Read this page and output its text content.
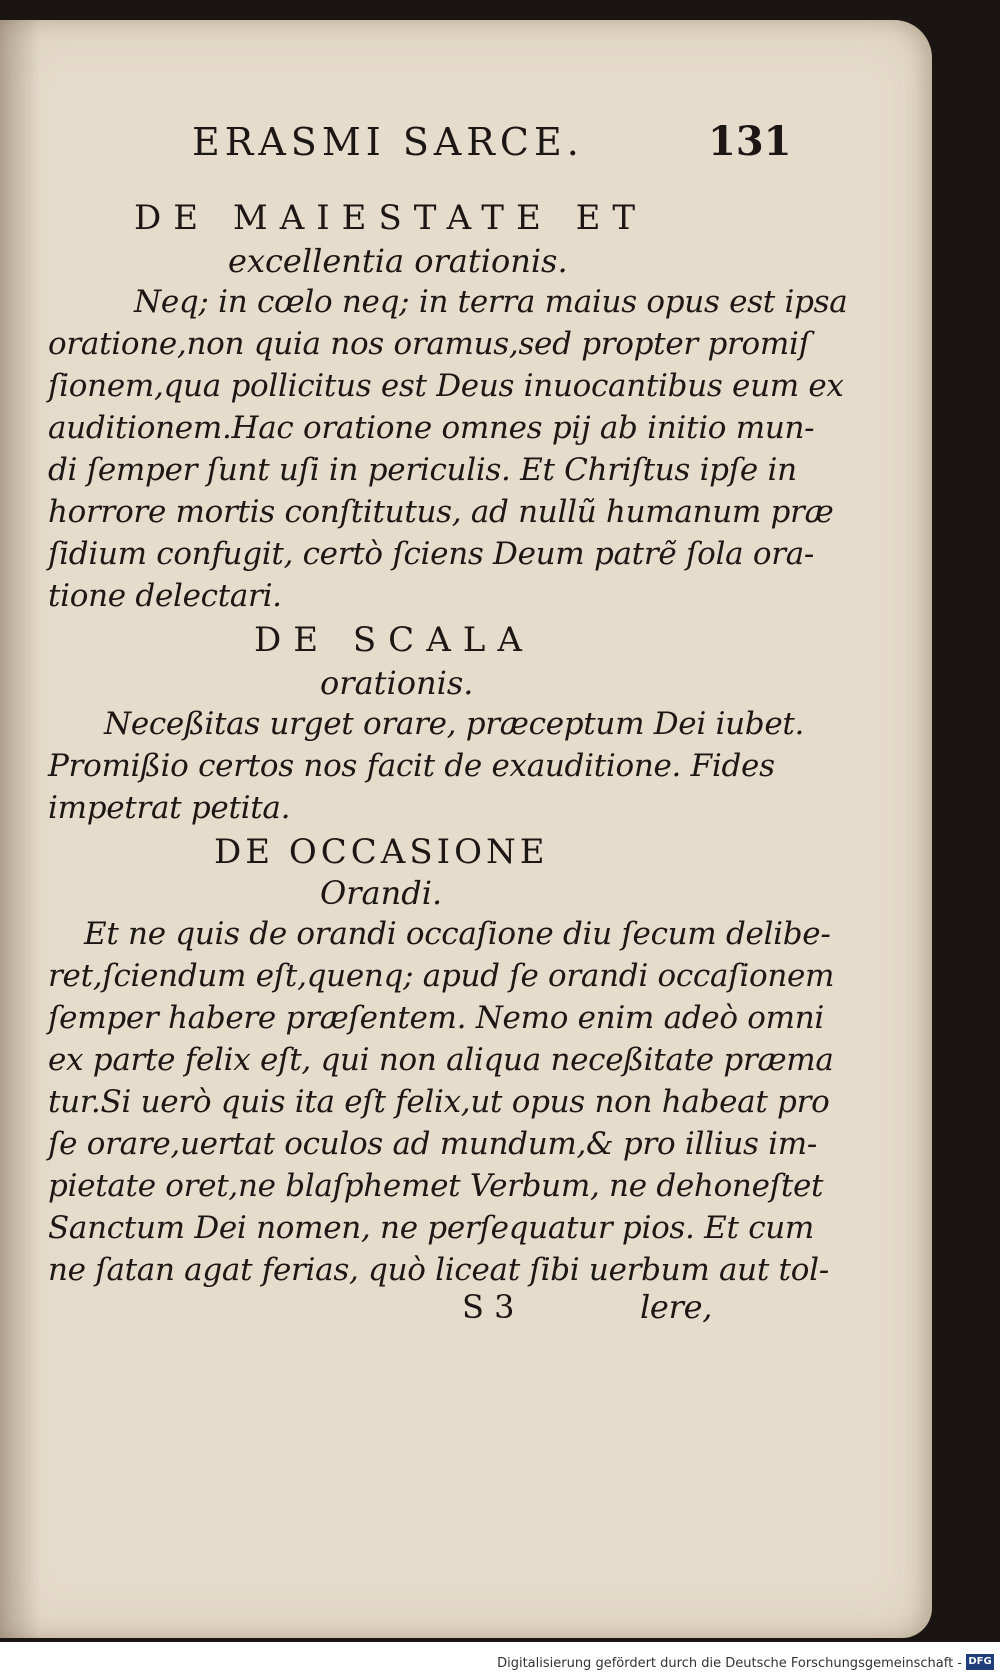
ERASMI SARCE.	131
DE MAIESTATE ET
excellentia orationis.
Neq; in cœlo neq; in terra maius opus est ipsa
oratione,non quia nos oramus,sed propter promiſ
ſionem,qua pollicitus est Deus inuocantibus eum ex
auditionem.Hac oratione omnes pij ab initio mun-
di ſemper ſunt uſi in periculis. Et Chriſtus ipſe in
horrore mortis conſtitutus, ad nullũ humanum præ
ſidium confugit, certò ſciens Deum patrẽ ſola ora-
tione delectari.
DE SCALA
orationis.
Neceßitas urget orare, præceptum Dei iubet.
Promißio certos nos facit de exauditione. Fides
impetrat petita.
DE OCCASIONE
Orandi.
Et ne quis de orandi occaſione diu ſecum delibe-
ret,ſciendum eſt,quenq; apud ſe orandi occaſionem
ſemper habere præſentem. Nemo enim adeò omni
ex parte felix eſt, qui non aliqua neceßitate præma
tur.Si uerò quis ita eſt felix,ut opus non habeat pro
ſe orare,uertat oculos ad mundum,& pro illius im-
pietate oret,ne blaſphemet Verbum, ne dehoneſtet
Sanctum Dei nomen, ne perſequatur pios. Et cum
ne ſatan agat ferias, quò liceat ſibi uerbum aut tol-
S 3	lere,
Digitalisierung gefördert durch die Deutsche Forschungsgemeinschaft - DFG
